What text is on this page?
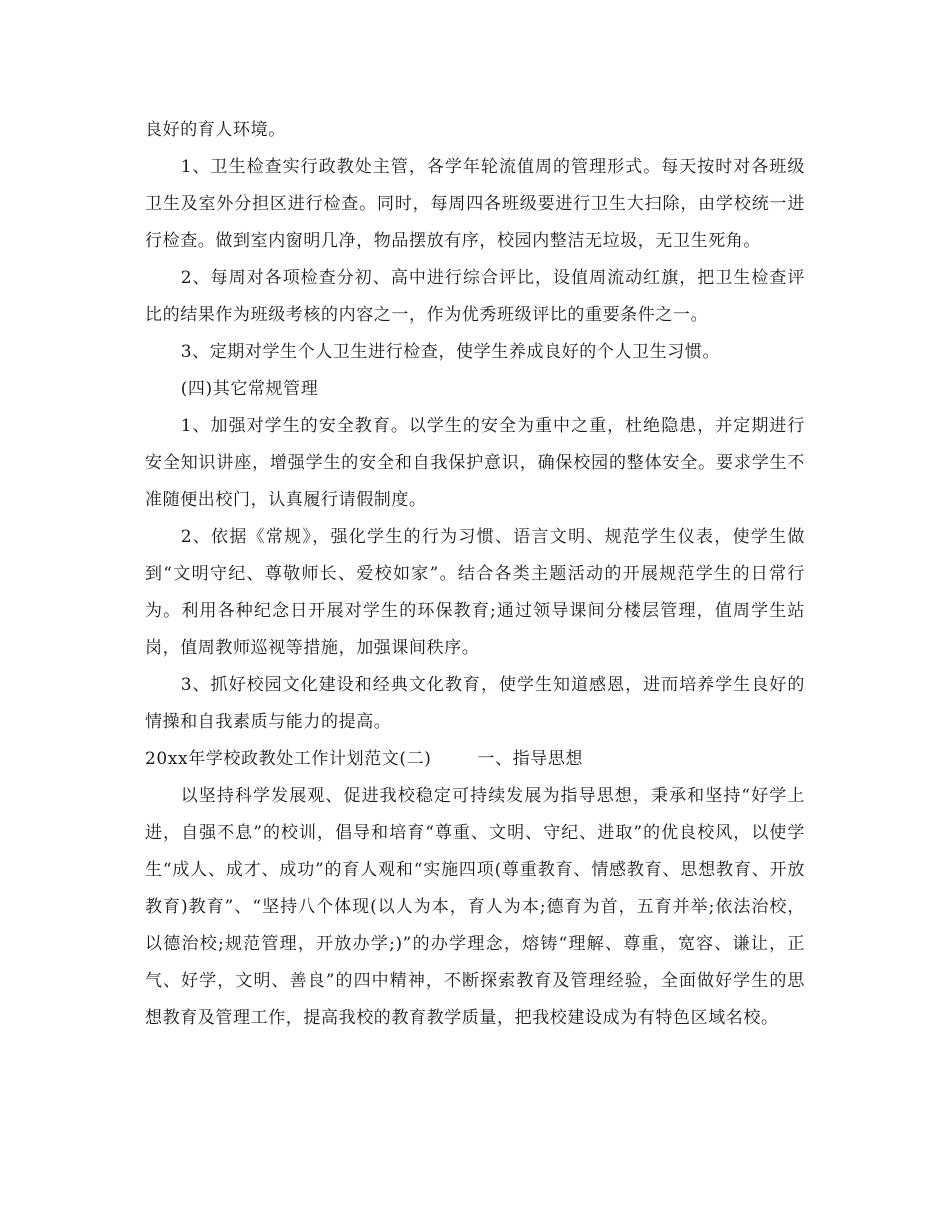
良好的育人环境。

1、卫生检查实行政教处主管，各学年轮流值周的管理形式。每天按时对各班级卫生及室外分担区进行检查。同时，每周四各班级要进行卫生大扫除，由学校统一进行检查。做到室内窗明几净，物品摆放有序，校园内整洁无垃圾，无卫生死角。

2、每周对各项检查分初、高中进行综合评比，设值周流动红旗，把卫生检查评比的结果作为班级考核的内容之一，作为优秀班级评比的重要条件之一。

3、定期对学生个人卫生进行检查，使学生养成良好的个人卫生习惯。

(四)其它常规管理

1、加强对学生的安全教育。以学生的安全为重中之重，杜绝隐患，并定期进行安全知识讲座，增强学生的安全和自我保护意识，确保校园的整体安全。要求学生不准随便出校门，认真履行请假制度。

2、依据《常规》，强化学生的行为习惯、语言文明、规范学生仪表，使学生做到“文明守纪、尊敬师长、爱校如家”。结合各类主题活动的开展规范学生的日常行为。利用各种纪念日开展对学生的环保教育;通过领导课间分楼层管理，值周学生站岗，值周教师巡视等措施，加强课间秩序。

3、抓好校园文化建设和经典文化教育，使学生知道感恩，进而培养学生良好的情操和自我素质与能力的提高。

20xx年学校政教处工作计划范文(二)	一、指导思想

以坚持科学发展观、促进我校稳定可持续发展为指导思想，秉承和坚持“好学上进，自强不息”的校训，倡导和培育“尊重、文明、守纪、进取”的优良校风，以使学生“成人、成才、成功”的育人观和“实施四项(尊重教育、情感教育、思想教育、开放教育)教育”、“坚持八个体现(以人为本，育人为本;德育为首，五育并举;依法治校，以德治校;规范管理，开放办学;)”的办学理念，熔铸“理解、尊重，宽容、谦让，正气、好学，文明、善良”的四中精神，不断探索教育及管理经验，全面做好学生的思想教育及管理工作，提高我校的教育教学质量，把我校建设成为有特色区域名校。
